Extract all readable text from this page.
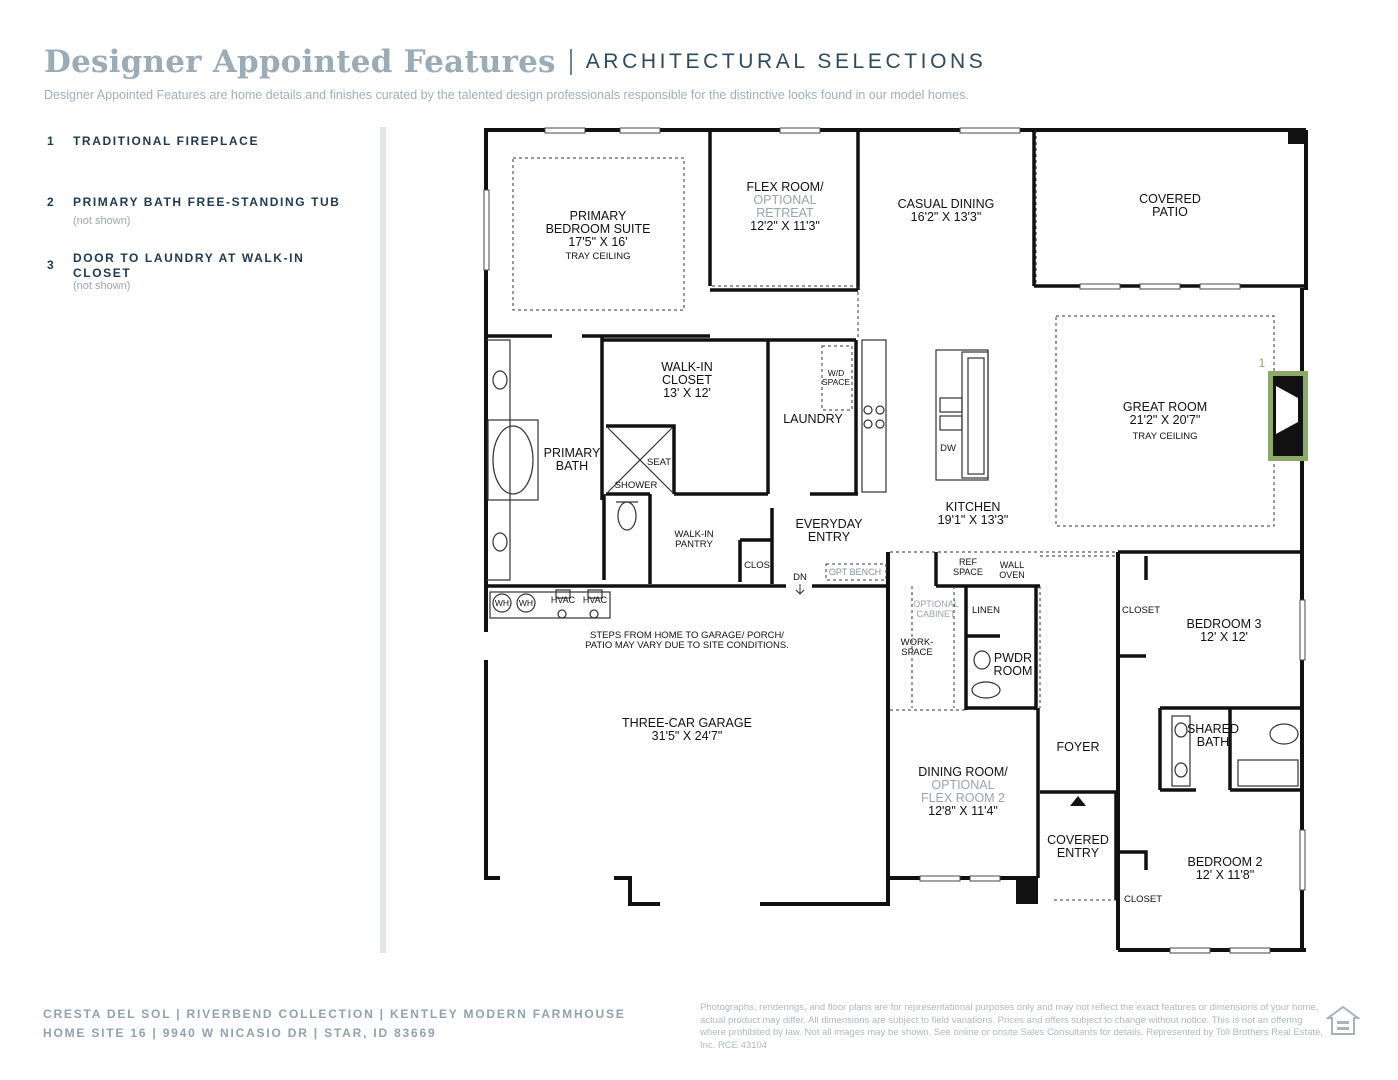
Designer Appointed Features ARCHITECTURAL SELECTIONS
Designer Appointed Features are home details and finishes curated by the talented design professionals responsible for the distinctive looks found in our model homes.
1 TRADITIONAL FIREPLACE
2 PRIMARY BATH FREE-STANDING TUB
(not shown)
3 DOOR TO LAUNDRY AT WALK-IN CLOSET
(not shown)
PRIMARY
BEDROOM SUITE
17'5" X 16'
TRAY CEILING
FLEX ROOM/
OPTIONAL
RETREAT
12'2" X 11'3"
CASUAL DINING
16'2" X 13'3"
COVERED
PATIO
GREAT ROOM
21'2" X 20'7"
TRAY CEILING
1
WALK-IN
CLOSET
13' X 12'
LAUNDRY
W/D
SPACE
PRIMARY
BATH	SEAT
SHOWER
DW
KITCHEN
19'1" X 13'3"
WALK-IN
PANTRY
EVERYDAY
ENTRY
CLOS
DN OPT BENCH
REF
SPACE
WALL
OVEN
WH WH HVAC HVAC
STEPS FROM HOME TO GARAGE/ PORCH/
PATIO MAY VARY DUE TO SITE CONDITIONS.
THREE-CAR GARAGE
31'5" X 24'7"
OPTIONAL
CABINET LINEN
WORK-
SPACE	PWDR
ROOM
CLOSET
BEDROOM 3
12' X 12'
SHARED
BATH
FOYER
DINING ROOM/
OPTIONAL
FLEX ROOM 2
12'8" X 11'4"
COVERED
ENTRY
BEDROOM 2
12' X 11'8"
CLOSET
CRESTA DEL SOL | RIVERBEND COLLECTION | KENTLEY MODERN FARMHOUSE
HOME SITE 16 | 9940 W NICASIO DR | STAR, ID 83669
Photographs, renderings, and floor plans are for representational purposes only and may not reflect the exact features or dimensions of your home, actual product may differ. All dimensions are subject to field variations. Prices and offers subject to change without notice. This is not an offering where prohibited by law. Not all images may be shown. See online or onsite Sales Consultants for details. Represented by Toll Brothers Real Estate, Inc. RCE 43104
